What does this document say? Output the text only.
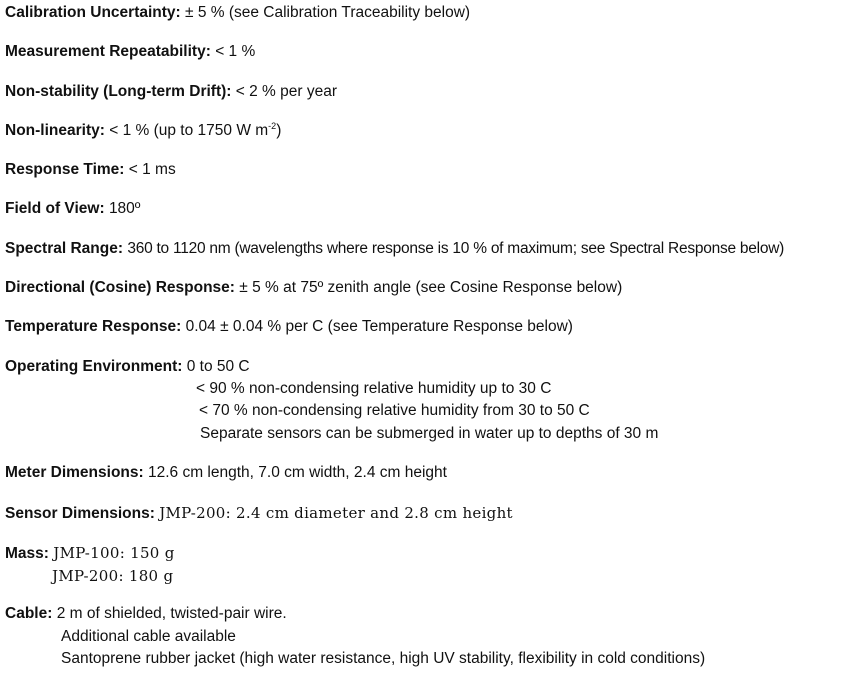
Calibration Uncertainty: ± 5 % (see Calibration Traceability below)
Measurement Repeatability: < 1 %
Non-stability (Long-term Drift): < 2 % per year
Non-linearity: < 1 % (up to 1750 W $m^{-2}$)
Response Time: < 1 ms
Field of View: 180º
Spectral Range: 360 to 1120 nm (wavelengths where response is 10 % of maximum; see Spectral Response below)
Directional (Cosine) Response: ± 5 % at 75º zenith angle (see Cosine Response below)
Temperature Response: 0.04 ± 0.04 % per C (see Temperature Response below)
Operating Environment: 0 to 50 C
< 90 % non-condensing relative humidity up to 30 C
< 70 % non-condensing relative humidity from 30 to 50 C
Separate sensors can be submerged in water up to depths of 30 m
Meter Dimensions: 12.6 cm length, 7.0 cm width, 2.4 cm height
Sensor Dimensions: JMP-200: 2.4 cm diameter and 2.8 cm height
Mass: JMP-100: 150 g
JMP-200: 180 g
Cable: 2 m of shielded, twisted-pair wire.
Additional cable available
Santoprene rubber jacket (high water resistance, high UV stability, flexibility in cold conditions)
